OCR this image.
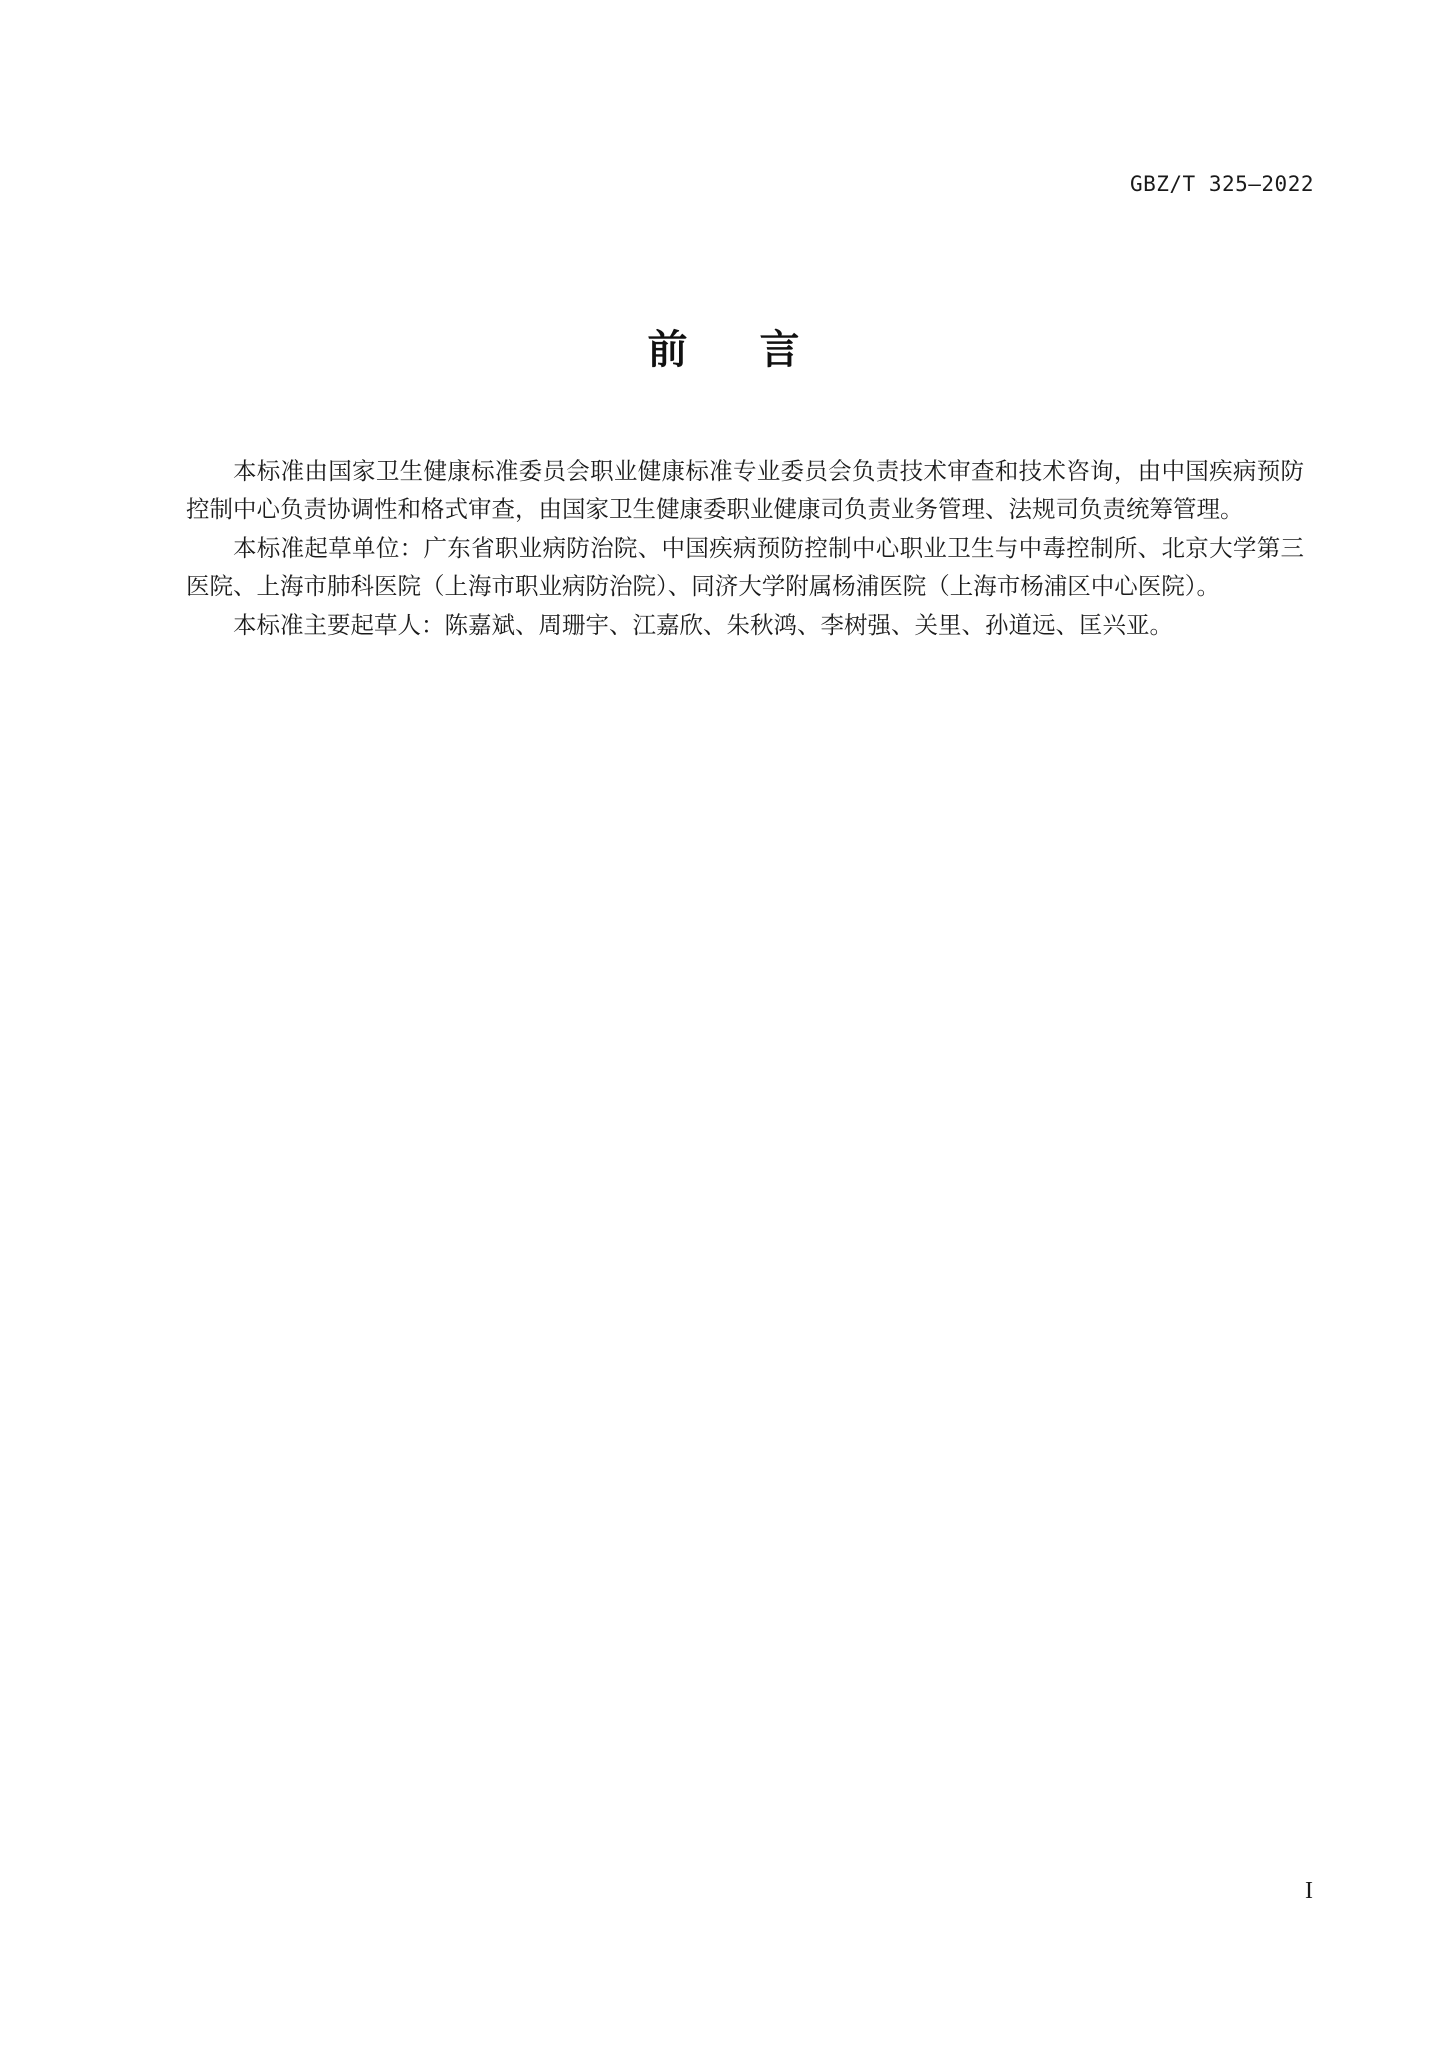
GBZ/T 325—2022
前言

本标准由国家卫生健康标准委员会职业健康标准专业委员会负责技术审查和技术咨询，由中国疾病预防控制中心负责协调性和格式审查，由国家卫生健康委职业健康司负责业务管理、法规司负责统筹管理。

本标准起草单位：广东省职业病防治院、中国疾病预防控制中心职业卫生与中毒控制所、北京大学第三医院、上海市肺科医院（上海市职业病防治院）、同济大学附属杨浦医院（上海市杨浦区中心医院）。

本标准主要起草人：陈嘉斌、周珊宇、江嘉欣、朱秋鸿、李树强、关里、孙道远、匡兴亚。

I
